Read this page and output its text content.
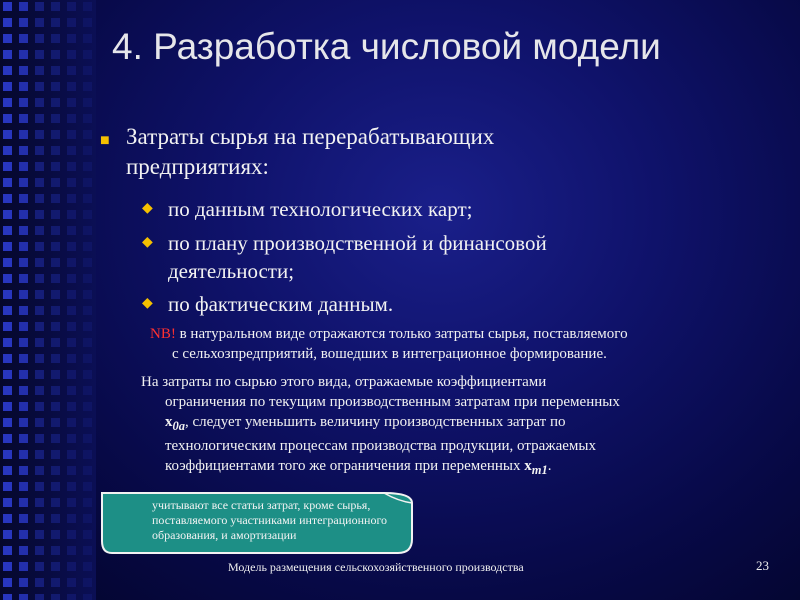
4. Разработка числовой модели
■ Затраты сырья на перерабатывающих
предприятиях:
◆ по данным технологических карт;
◆ по плану производственной и финансовой
деятельности;
◆ по фактическим данным.
NB! в натуральном виде отражаются только затраты сырья, поставляемого
с сельхозпредприятий, вошедших в интеграционное формирование.
На затраты по сырью этого вида, отражаемые коэффициентами
ограничения по текущим производственным затратам при переменных
$x_{0a}$, следует уменьшить величину производственных затрат по
технологическим процессам производства продукции, отражаемых
коэффициентами того же ограничения при переменных $x_{m1}$.
учитывают все статьи затрат, кроме сырья, поставляемого участниками интеграционного образования, и амортизации
Модель размещения сельскохозяйственного производства	23
